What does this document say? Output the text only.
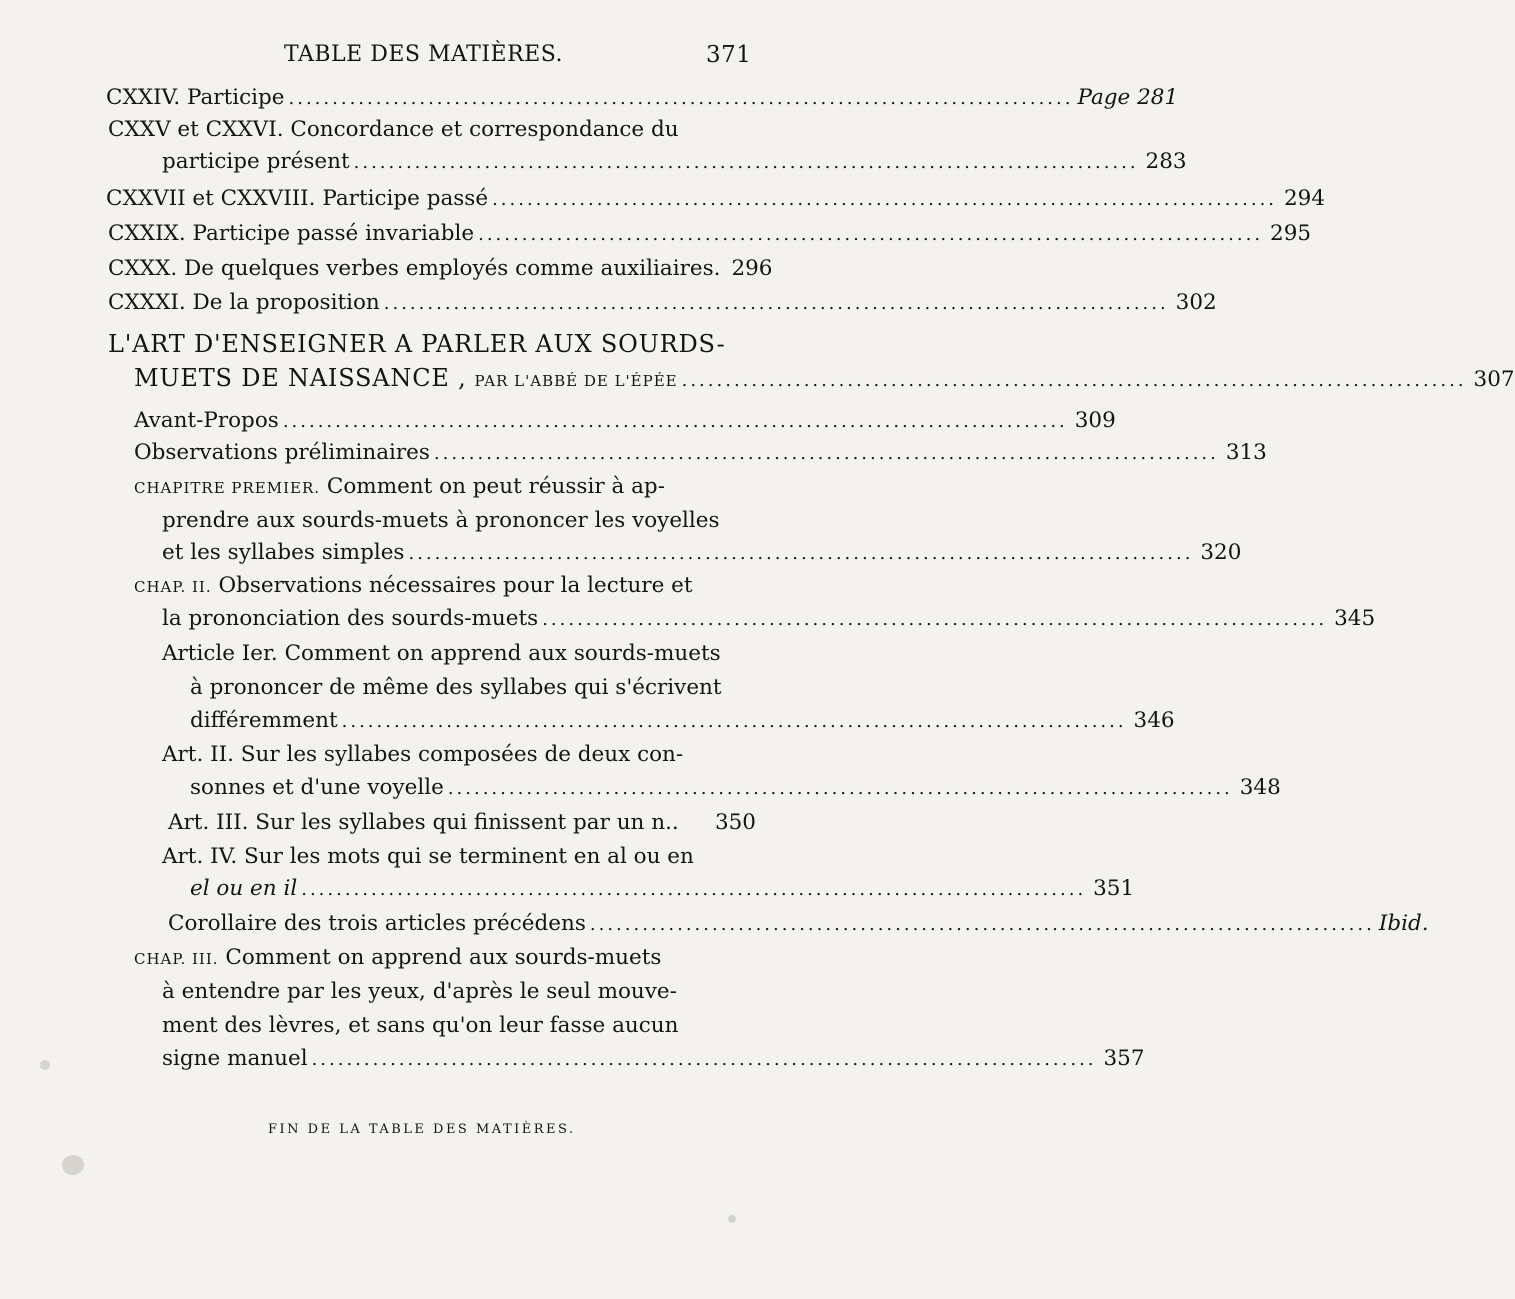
TABLE DES MATIÈRES.	371
CXXIV. Participe .......................................................................................... Page 281
CXXV et CXXVI. Concordance et correspondance du
participe présent .......................................................................................... 283
CXXVII et CXXVIII. Participe passé .......................................................................................... 294
CXXIX. Participe passé invariable .......................................................................................... 295
CXXX. De quelques verbes employés comme auxiliaires. 296
CXXXI. De la proposition .......................................................................................... 302
L'ART D'ENSEIGNER A PARLER AUX SOURDS-
MUETS DE NAISSANCE , PAR L'ABBÉ DE L'ÉPÉE .......................................................................................... 307
Avant-Propos .......................................................................................... 309
Observations préliminaires .......................................................................................... 313
CHAPITRE PREMIER. Comment on peut réussir à ap-
prendre aux sourds-muets à prononcer les voyelles
et les syllabes simples .......................................................................................... 320
CHAP. II. Observations nécessaires pour la lecture et
la prononciation des sourds-muets .......................................................................................... 345
Article Ier. Comment on apprend aux sourds-muets
à prononcer de même des syllabes qui s'écrivent
différemment .......................................................................................... 346
Art. II. Sur les syllabes composées de deux con-
sonnes et d'une voyelle .......................................................................................... 348
Art. III. Sur les syllabes qui finissent par un n.. 350
Art. IV. Sur les mots qui se terminent en al ou en
el ou en il .......................................................................................... 351
Corollaire des trois articles précédens .......................................................................................... Ibid.
CHAP. III. Comment on apprend aux sourds-muets
à entendre par les yeux, d'après le seul mouve-
ment des lèvres, et sans qu'on leur fasse aucun
signe manuel .......................................................................................... 357
FIN DE LA TABLE DES MATIÈRES.
